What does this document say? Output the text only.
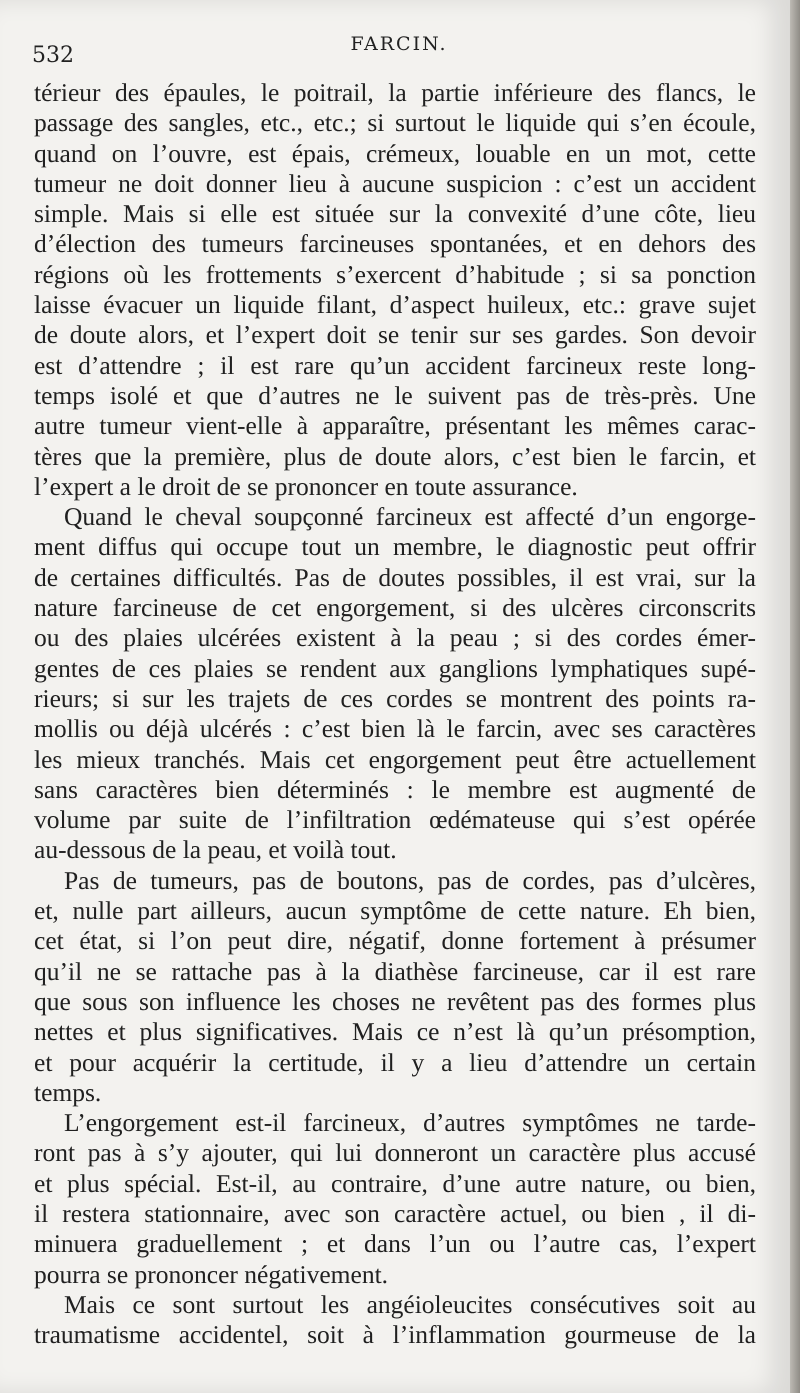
532	FARCIN.
térieur des épaules, le poitrail, la partie inférieure des flancs, le
passage des sangles, etc., etc.; si surtout le liquide qui s’en écoule,
quand on l’ouvre, est épais, crémeux, louable en un mot, cette
tumeur ne doit donner lieu à aucune suspicion : c’est un accident
simple. Mais si elle est située sur la convexité d’une côte, lieu
d’élection des tumeurs farcineuses spontanées, et en dehors des
régions où les frottements s’exercent d’habitude ; si sa ponction
laisse évacuer un liquide filant, d’aspect huileux, etc.: grave sujet
de doute alors, et l’expert doit se tenir sur ses gardes. Son devoir
est d’attendre ; il est rare qu’un accident farcineux reste long-
temps isolé et que d’autres ne le suivent pas de très-près. Une
autre tumeur vient-elle à apparaître, présentant les mêmes carac-
tères que la première, plus de doute alors, c’est bien le farcin, et
l’expert a le droit de se prononcer en toute assurance.
Quand le cheval soupçonné farcineux est affecté d’un engorge-
ment diffus qui occupe tout un membre, le diagnostic peut offrir
de certaines difficultés. Pas de doutes possibles, il est vrai, sur la
nature farcineuse de cet engorgement, si des ulcères circonscrits
ou des plaies ulcérées existent à la peau ; si des cordes émer-
gentes de ces plaies se rendent aux ganglions lymphatiques supé-
rieurs; si sur les trajets de ces cordes se montrent des points ra-
mollis ou déjà ulcérés : c’est bien là le farcin, avec ses caractères
les mieux tranchés. Mais cet engorgement peut être actuellement
sans caractères bien déterminés : le membre est augmenté de
volume par suite de l’infiltration œdémateuse qui s’est opérée
au-dessous de la peau, et voilà tout.
Pas de tumeurs, pas de boutons, pas de cordes, pas d’ulcères,
et, nulle part ailleurs, aucun symptôme de cette nature. Eh bien,
cet état, si l’on peut dire, négatif, donne fortement à présumer
qu’il ne se rattache pas à la diathèse farcineuse, car il est rare
que sous son influence les choses ne revêtent pas des formes plus
nettes et plus significatives. Mais ce n’est là qu’un présomption,
et pour acquérir la certitude, il y a lieu d’attendre un certain
temps.
L’engorgement est-il farcineux, d’autres symptômes ne tarde-
ront pas à s’y ajouter, qui lui donneront un caractère plus accusé
et plus spécial. Est-il, au contraire, d’une autre nature, ou bien,
il restera stationnaire, avec son caractère actuel, ou bien , il di-
minuera graduellement ; et dans l’un ou l’autre cas, l’expert
pourra se prononcer négativement.
Mais ce sont surtout les angéioleucites consécutives soit au
traumatisme accidentel, soit à l’inflammation gourmeuse de la
